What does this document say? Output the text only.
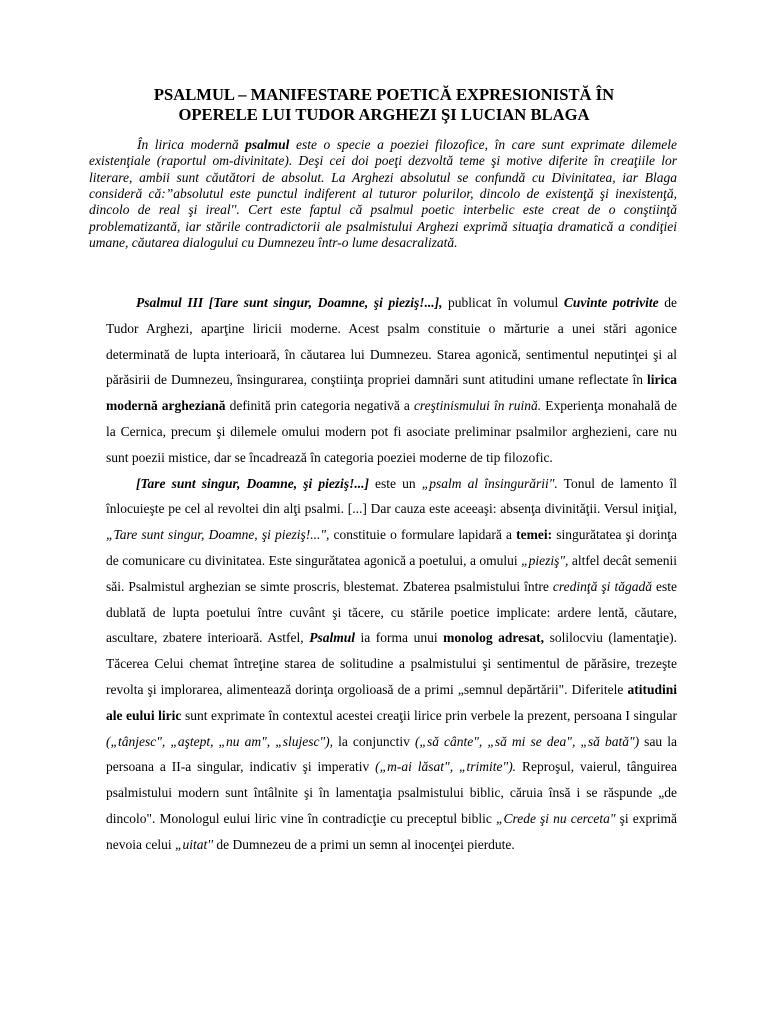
PSALMUL – MANIFESTARE POETICĂ EXPRESIONISTĂ ÎN
OPERELE LUI TUDOR ARGHEZI ŞI LUCIAN BLAGA

În lirica modernă psalmul este o specie a poeziei filozofice, în care sunt exprimate dilemele existenţiale (raportul om-divinitate). Deşi cei doi poeţi dezvoltă teme şi motive diferite în creaţiile lor literare, ambii sunt căutători de absolut. La Arghezi absolutul se confundă cu Divinitatea, iar Blaga consideră că:”absolutul este punctul indiferent al tuturor polurilor, dincolo de existenţă şi inexistenţă, dincolo de real şi ireal''. Cert este faptul că psalmul poetic interbelic este creat de o conştiinţă problematizantă, iar stările contradictorii ale psalmistului Arghezi exprimă situaţia dramatică a condiţiei umane, căutarea dialogului cu Dumnezeu într-o lume desacralizată.

Psalmul III [Tare sunt singur, Doamne, şi pieziş!...], publicat în volumul Cuvinte potrivite de Tudor Arghezi, aparţine liricii moderne. Acest psalm constituie o mărturie a unei stări agonice determinată de lupta interioară, în căutarea lui Dumnezeu. Starea agonică, sentimentul neputinţei şi al părăsirii de Dumnezeu, însingurarea, conştiinţa propriei damnări sunt atitudini umane reflectate în lirica modernă argheziană definită prin categoria negativă a creştinismului în ruină. Experienţa monahală de la Cernica, precum şi dilemele omului modern pot fi asociate preliminar psalmilor arghezieni, care nu sunt poezii mistice, dar se încadrează în categoria poeziei moderne de tip filozofic.
[Tare sunt singur, Doamne, şi pieziş!...] este un „psalm al însingurării". Tonul de lamento îl înlocuieşte pe cel al revoltei din alţi psalmi. [...] Dar cauza este aceeaşi: absenţa divinităţii. Versul iniţial, „Tare sunt singur, Doamne, şi pieziş!...", constituie o formulare lapidară a temei: singurătatea şi dorinţa de comunicare cu divinitatea. Este singurătatea agonică a poetului, a omului „pieziş", altfel decât semenii săi. Psalmistul arghezian se simte proscris, blestemat. Zbaterea psalmistului între credinţă şi tăgadă este dublată de lupta poetului între cuvânt şi tăcere, cu stările poetice implicate: ardere lentă, căutare, ascultare, zbatere interioară. Astfel, Psalmul ia forma unui monolog adresat, solilocviu (lamentaţie). Tăcerea Celui chemat întreţine starea de solitudine a psalmistului şi sentimentul de părăsire, trezeşte revolta şi implorarea, alimentează dorinţa orgolioasă de a primi „semnul depărtării". Diferitele atitudini ale eului liric sunt exprimate în contextul acestei creaţii lirice prin verbele la prezent, persoana I singular („tânjesc", „aştept, „nu am", „slujesc"), la conjunctiv („să cânte", „să mi se dea", „să bată") sau la persoana a II-a singular, indicativ şi imperativ („m-ai lăsat", „trimite"). Reproşul, vaierul, tânguirea psalmistului modern sunt întâlnite şi în lamentaţia psalmistului biblic, căruia însă i se răspunde „de dincolo". Monologul eului liric vine în contradicţie cu preceptul biblic „Crede şi nu cerceta" şi exprimă nevoia celui „uitat'' de Dumnezeu de a primi un semn al inocenţei pierdute.
